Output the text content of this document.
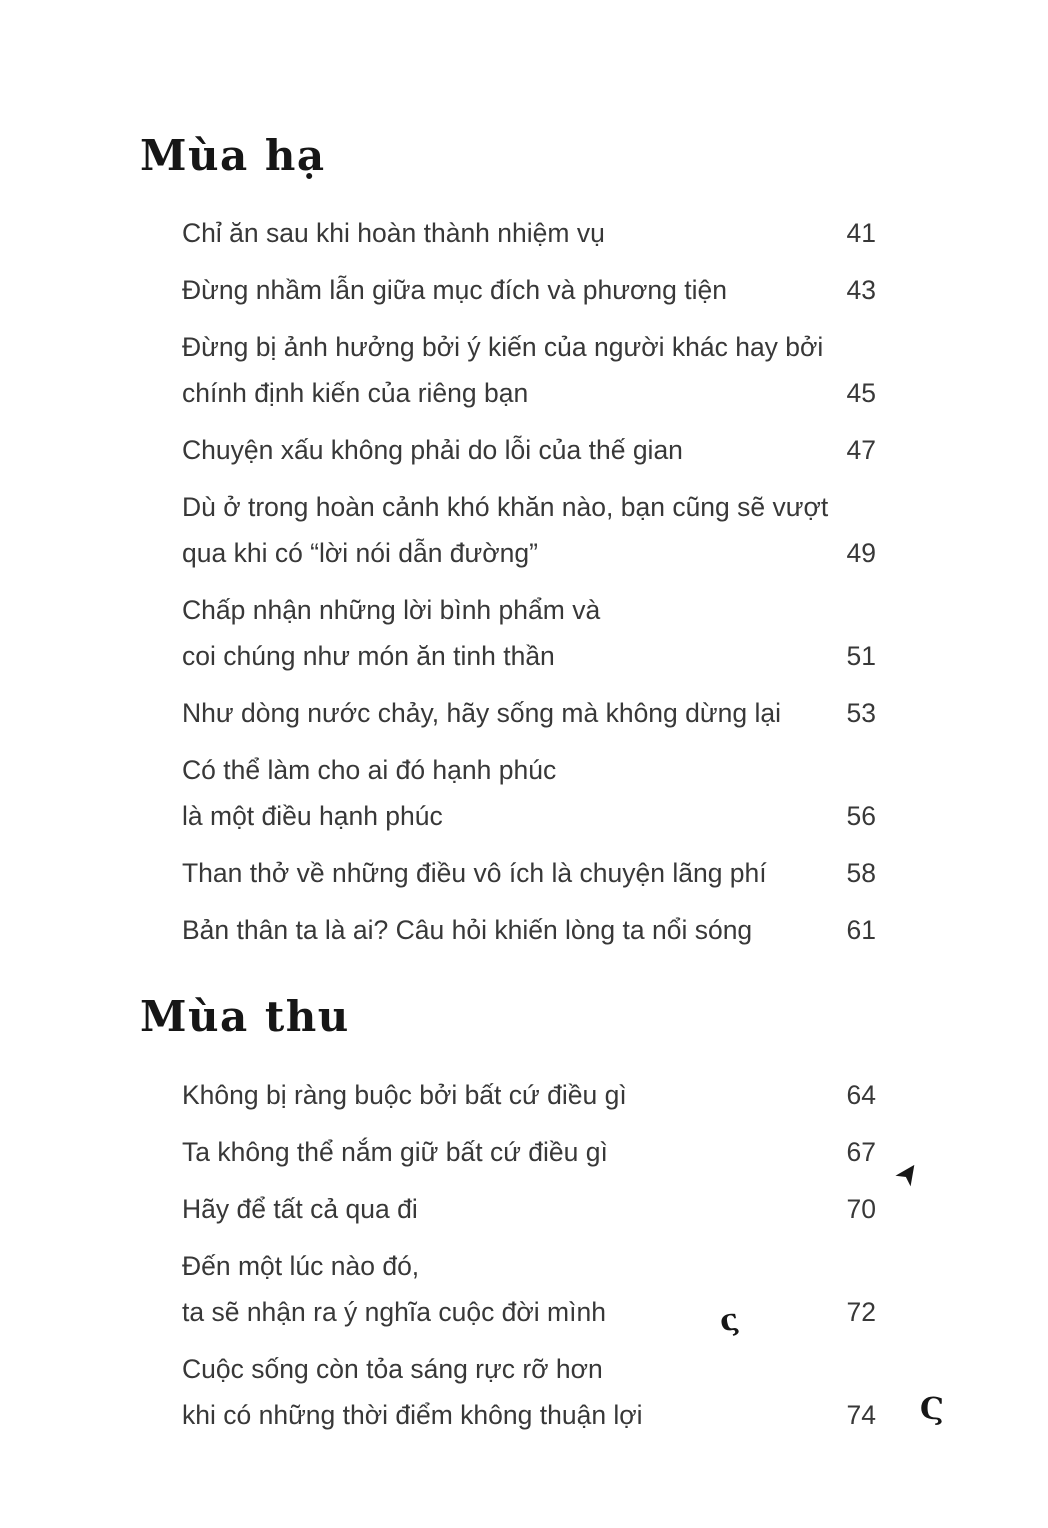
Mùa hạ
Chỉ ăn sau khi hoàn thành nhiệm vụ	41
Đừng nhầm lẫn giữa mục đích và phương tiện	43
Đừng bị ảnh hưởng bởi ý kiến của người khác hay bởi
chính định kiến của riêng bạn	45
Chuyện xấu không phải do lỗi của thế gian	47
Dù ở trong hoàn cảnh khó khăn nào, bạn cũng sẽ vượt
qua khi có “lời nói dẫn đường”	49
Chấp nhận những lời bình phẩm và
coi chúng như món ăn tinh thần	51
Như dòng nước chảy, hãy sống mà không dừng lại	53
Có thể làm cho ai đó hạnh phúc
là một điều hạnh phúc	56
Than thở về những điều vô ích là chuyện lãng phí	58
Bản thân ta là ai? Câu hỏi khiến lòng ta nổi sóng	61
Mùa thu
Không bị ràng buộc bởi bất cứ điều gì	64
Ta không thể nắm giữ bất cứ điều gì	67
Hãy để tất cả qua đi	70
Đến một lúc nào đó,
ta sẽ nhận ra ý nghĩa cuộc đời mình	72
Cuộc sống còn tỏa sáng rực rỡ hơn
khi có những thời điểm không thuận lợi	74
➤
ς
Ϛ
